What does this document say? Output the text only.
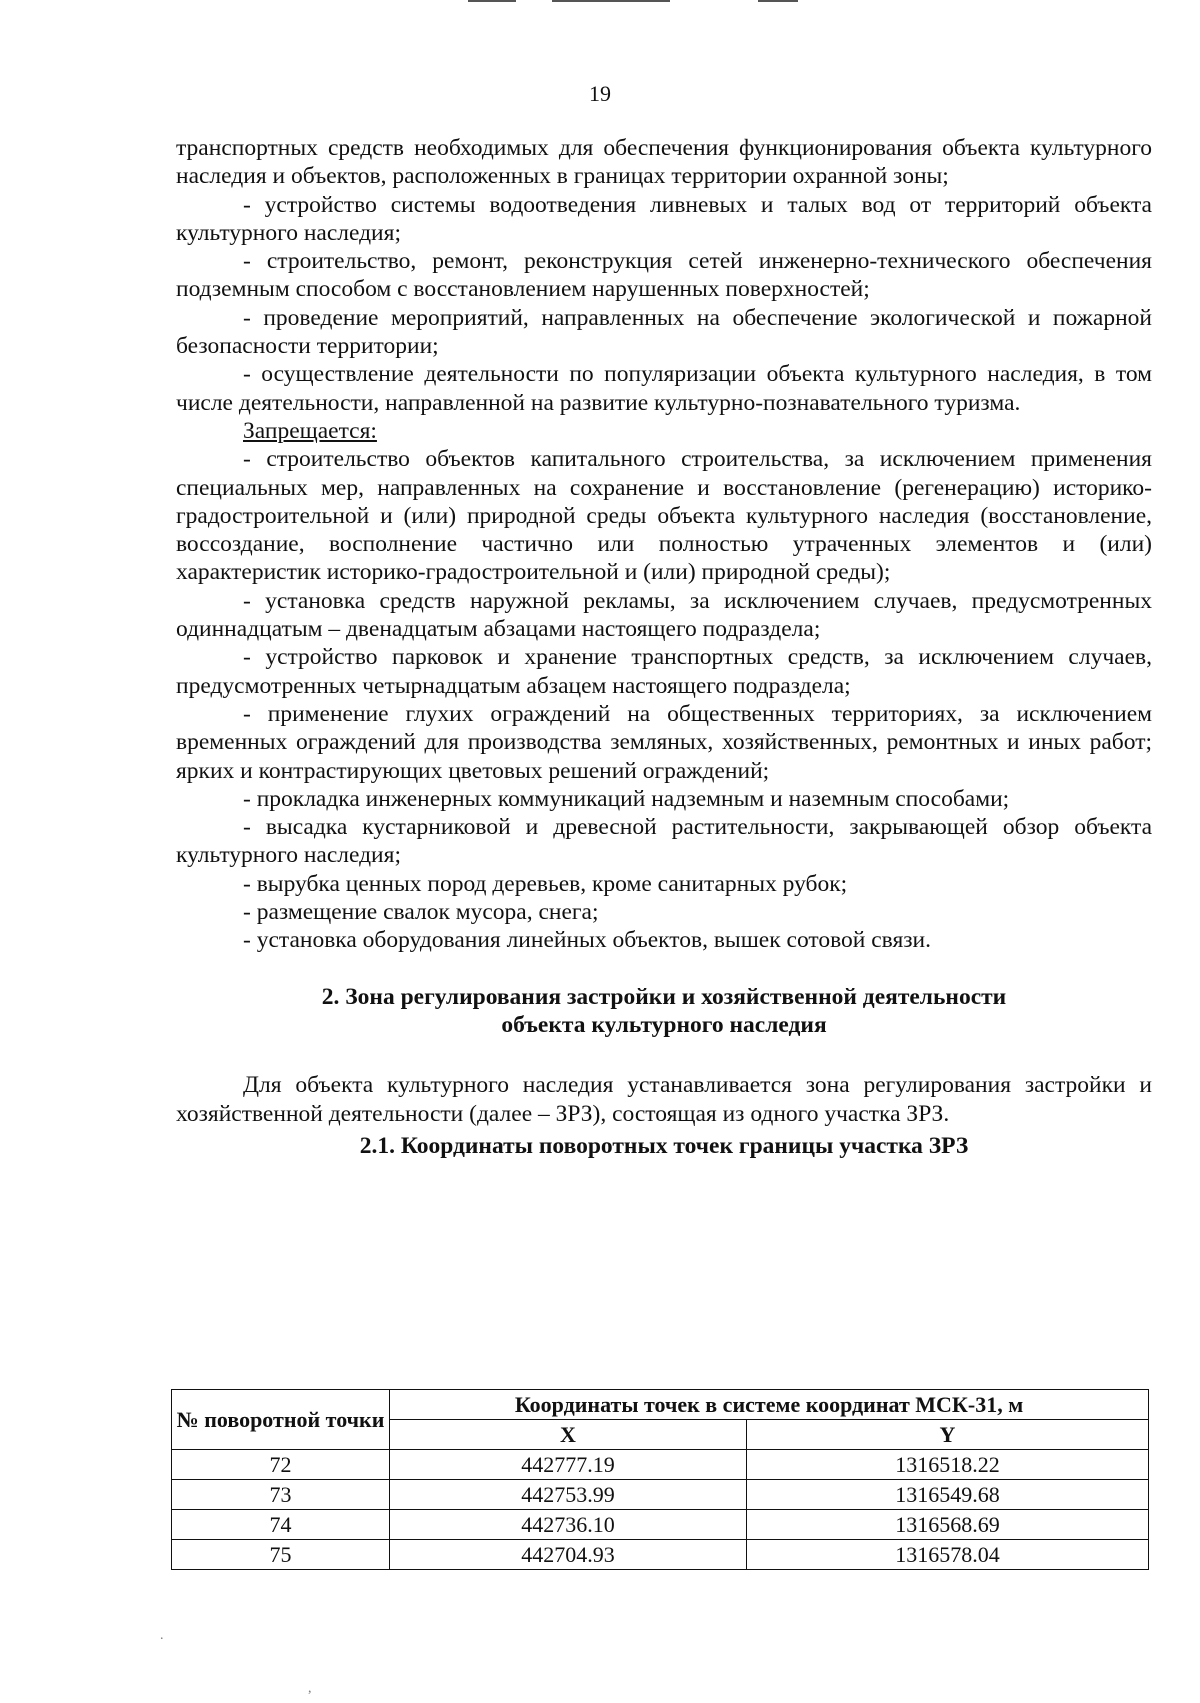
19

транспортных средств необходимых для обеспечения функционирования объекта культурного наследия и объектов, расположенных в границах территории охранной зоны;

- устройство системы водоотведения ливневых и талых вод от территорий объекта культурного наследия;

- строительство, ремонт, реконструкция сетей инженерно-технического обеспечения подземным способом с восстановлением нарушенных поверхностей;

- проведение мероприятий, направленных на обеспечение экологической и пожарной безопасности территории;

- осуществление деятельности по популяризации объекта культурного наследия, в том числе деятельности, направленной на развитие культурно-познавательного туризма.

Запрещается:

- строительство объектов капитального строительства, за исключением применения специальных мер, направленных на сохранение и восстановление (регенерацию) историко-градостроительной и (или) природной среды объекта культурного наследия (восстановление, воссоздание, восполнение частично или полностью утраченных элементов и (или) характеристик историко-градостроительной и (или) природной среды);

- установка средств наружной рекламы, за исключением случаев, предусмотренных одиннадцатым – двенадцатым абзацами настоящего подраздела;

- устройство парковок и хранение транспортных средств, за исключением случаев, предусмотренных четырнадцатым абзацем настоящего подраздела;

- применение глухих ограждений на общественных территориях, за исключением временных ограждений для производства земляных, хозяйственных, ремонтных и иных работ; ярких и контрастирующих цветовых решений ограждений;

- прокладка инженерных коммуникаций надземным и наземным способами;

- высадка кустарниковой и древесной растительности, закрывающей обзор объекта культурного наследия;

- вырубка ценных пород деревьев, кроме санитарных рубок;

- размещение свалок мусора, снега;

- установка оборудования линейных объектов, вышек сотовой связи.

2. Зона регулирования застройки и хозяйственной деятельности

объекта культурного наследия

Для объекта культурного наследия устанавливается зона регулирования застройки и хозяйственной деятельности (далее – ЗРЗ), состоящая из одного участка ЗРЗ.

2.1. Координаты поворотных точек границы участка ЗРЗ

№ поворотной точки	Координаты точек в системе координат МСК-31, м	
	X	Y
72	442777.19	1316518.22
73	442753.99	1316549.68
74	442736.10	1316568.69
75	442704.93	1316578.04
.
,
